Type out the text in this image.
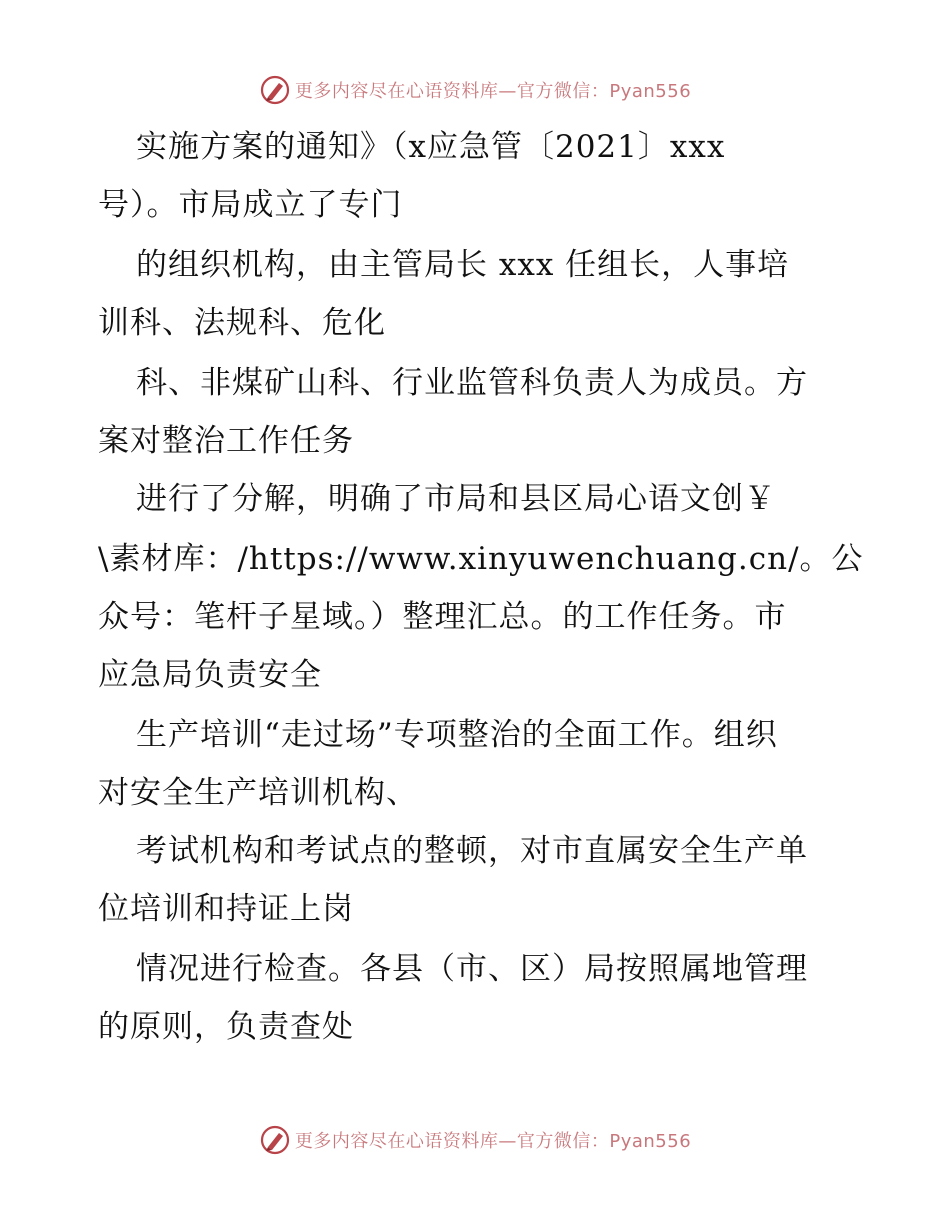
更多内容尽在心语资料库—官方微信：Pyan556
实施方案的通知》（x应急管〔2021〕xxx
号）。市局成立了专门
的组织机构，由主管局长 xxx 任组长，人事培
训科、法规科、危化
科、非煤矿山科、行业监管科负责人为成员。方
案对整治工作任务
进行了分解，明确了市局和县区局心语文创￥
\素材库：/https://www.xinyuwenchuang.cn/。公
众号：笔杆子星域。）整理汇总。的工作任务。市
应急局负责安全
生产培训“走过场”专项整治的全面工作。组织
对安全生产培训机构、
考试机构和考试点的整顿，对市直属安全生产单
位培训和持证上岗
情况进行检查。各县（市、区）局按照属地管理
的原则，负责查处
更多内容尽在心语资料库—官方微信：Pyan556
